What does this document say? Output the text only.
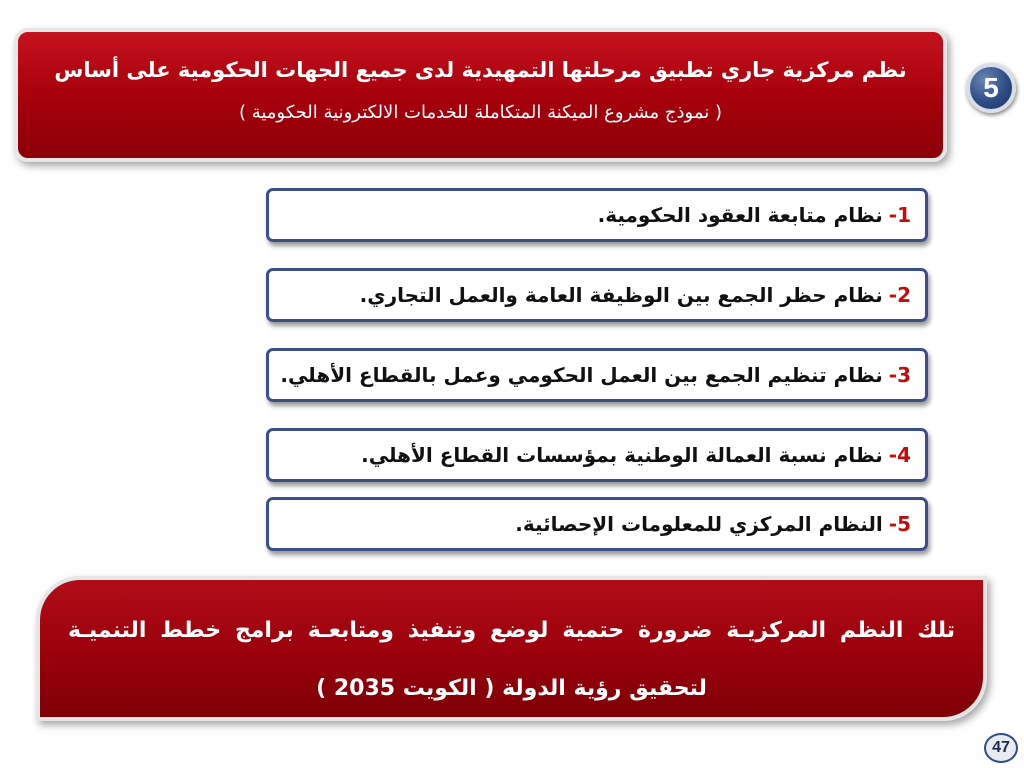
نظم مركزية جاري تطبيق مرحلتها التمهيدية لدى جميع الجهات الحكومية على أساس
( نموذج مشروع الميكنة المتكاملة للخدمات الالكترونية الحكومية )
5
1-
نظام متابعة العقود الحكومية.
2-
نظام حظر الجمع بين الوظيفة العامة والعمل التجاري.
3-
نظام تنظيم الجمع بين العمل الحكومي وعمل بالقطاع الأهلي.
4-
نظام نسبة العمالة الوطنية بمؤسسات القطاع الأهلي.
5-
النظام المركزي للمعلومات الإحصائية.
تلك النظم المركزيـة ضرورة حتمية لوضع وتنفيذ ومتابعـة برامج خطط التنميـة
لتحقيق رؤية الدولة ( الكويت 2035 )
47
